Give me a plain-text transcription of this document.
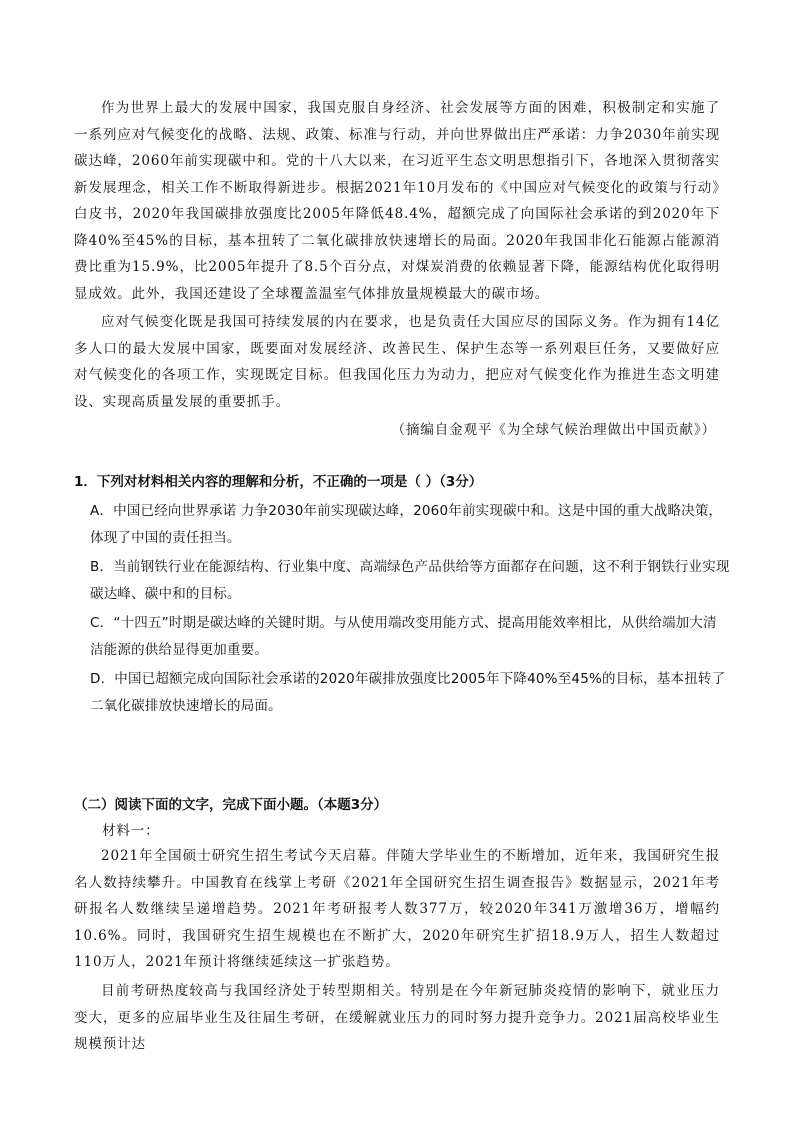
作为世界上最大的发展中国家，我国克服自身经济、社会发展等方面的困难，积极制定和实施了一系列应对气候变化的战略、法规、政策、标准与行动，并向世界做出庄严承诺：力争2030年前实现碳达峰，2060年前实现碳中和。党的十八大以来，在习近平生态文明思想指引下，各地深入贯彻落实新发展理念，相关工作不断取得新进步。根据2021年10月发布的《中国应对气候变化的政策与行动》白皮书，2020年我国碳排放强度比2005年降低48.4%，超额完成了向国际社会承诺的到2020年下降40%至45%的目标，基本扭转了二氧化碳排放快速增长的局面。2020年我国非化石能源占能源消费比重为15.9%，比2005年提升了8.5个百分点，对煤炭消费的依赖显著下降，能源结构优化取得明显成效。此外，我国还建设了全球覆盖温室气体排放量规模最大的碳市场。
应对气候变化既是我国可持续发展的内在要求，也是负责任大国应尽的国际义务。作为拥有14亿多人口的最大发展中国家，既要面对发展经济、改善民生、保护生态等一系列艰巨任务，又要做好应对气候变化的各项工作，实现既定目标。但我国化压力为动力，把应对气候变化作为推进生态文明建设、实现高质量发展的重要抓手。
（摘编自金观平《为全球气候治理做出中国贡献》）
1．下列对材料相关内容的理解和分析，不正确的一项是（ ）（3分）

A．中国已经向世界承诺 力争2030年前实现碳达峰，2060年前实现碳中和。这是中国的重大战略决策，体现了中国的责任担当。

B．当前钢铁行业在能源结构、行业集中度、高端绿色产品供给等方面都存在问题，这不利于钢铁行业实现碳达峰、碳中和的目标。

C．“十四五”时期是碳达峰的关键时期。与从使用端改变用能方式、提高用能效率相比，从供给端加大清洁能源的供给显得更加重要。

D．中国已超额完成向国际社会承诺的2020年碳排放强度比2005年下降40%至45%的目标，基本扭转了二氧化碳排放快速增长的局面。

（二）阅读下面的文字，完成下面小题。（本题3分）
材料一：
2021年全国硕士研究生招生考试今天启幕。伴随大学毕业生的不断增加，近年来，我国研究生报名人数持续攀升。中国教育在线掌上考研《2021年全国研究生招生调查报告》数据显示，2021年考研报名人数继续呈递增趋势。2021年考研报考人数377万，较2020年341万激增36万，增幅约10.6%。同时，我国研究生招生规模也在不断扩大，2020年研究生扩招18.9万人，招生人数超过110万人，2021年预计将继续延续这一扩张趋势。
目前考研热度较高与我国经济处于转型期相关。特别是在今年新冠肺炎疫情的影响下，就业压力变大，更多的应届毕业生及往届生考研，在缓解就业压力的同时努力提升竞争力。2021届高校毕业生规模预计达
